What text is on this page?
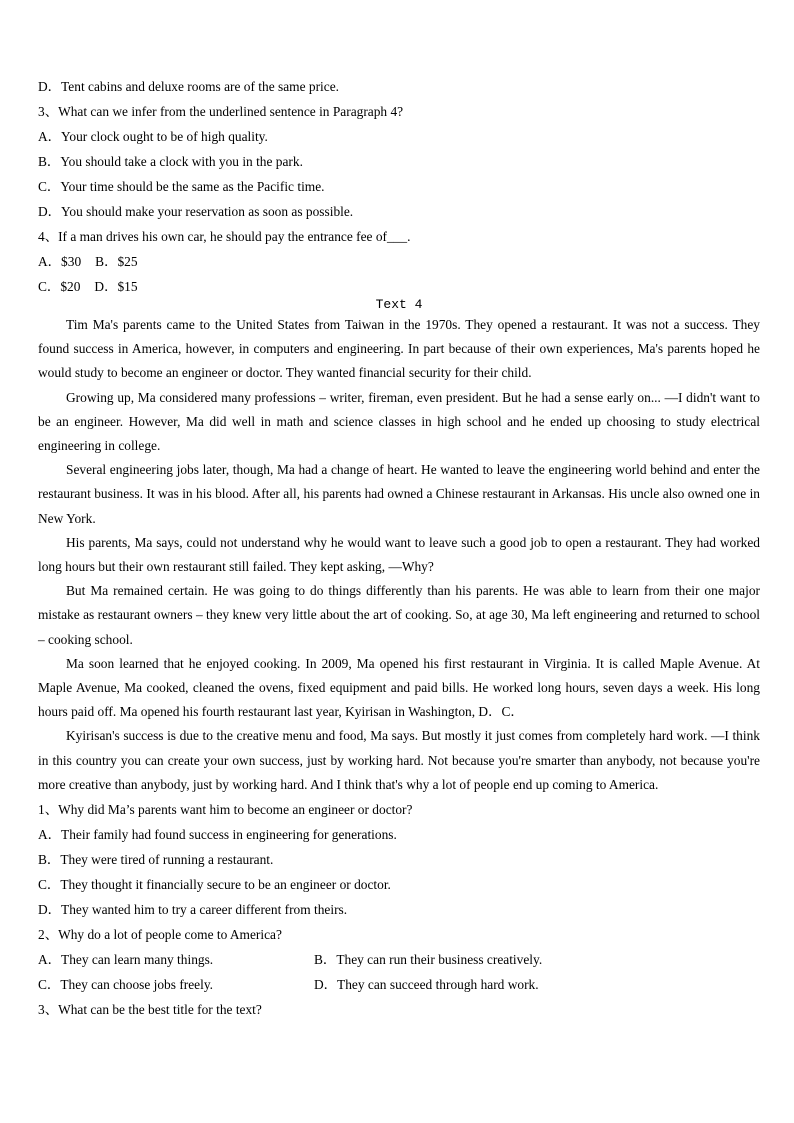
D．Tent cabins and deluxe rooms are of the same price.
3、What can we infer from the underlined sentence in Paragraph 4?
A．Your clock ought to be of high quality.
B．You should take a clock with you in the park.
C．Your time should be the same as the Pacific time.
D．You should make your reservation as soon as possible.
4、If a man drives his own car, he should pay the entrance fee of___.
A．$30 B．$25
C．$20 D．$15
Text 4

Tim Ma's parents came to the United States from Taiwan in the 1970s. They opened a restaurant. It was not a success. They found success in America, however, in computers and engineering. In part because of their own experiences, Ma's parents hoped he would study to become an engineer or doctor. They wanted financial security for their child.

Growing up, Ma considered many professions – writer, fireman, even president. But he had a sense early on... ―I didn't want to be an engineer. However, Ma did well in math and science classes in high school and he ended up choosing to study electrical engineering in college.

Several engineering jobs later, though, Ma had a change of heart. He wanted to leave the engineering world behind and enter the restaurant business. It was in his blood. After all, his parents had owned a Chinese restaurant in Arkansas. His uncle also owned one in New York.

His parents, Ma says, could not understand why he would want to leave such a good job to open a restaurant. They had worked long hours but their own restaurant still failed. They kept asking, ―Why?

But Ma remained certain. He was going to do things differently than his parents. He was able to learn from their one major mistake as restaurant owners – they knew very little about the art of cooking. So, at age 30, Ma left engineering and returned to school – cooking school.

Ma soon learned that he enjoyed cooking. In 2009, Ma opened his first restaurant in Virginia. It is called Maple Avenue. At Maple Avenue, Ma cooked, cleaned the ovens, fixed equipment and paid bills. He worked long hours, seven days a week. His long hours paid off. Ma opened his fourth restaurant last year, Kyirisan in Washington, D．C．

Kyirisan's success is due to the creative menu and food, Ma says. But mostly it just comes from completely hard work. ―I think in this country you can create your own success, just by working hard. Not because you're smarter than anybody, not because you're more creative than anybody, just by working hard. And I think that's why a lot of people end up coming to America.

1、Why did Ma’s parents want him to become an engineer or doctor?
A．Their family had found success in engineering for generations.
B．They were tired of running a restaurant.
C．They thought it financially secure to be an engineer or doctor.
D．They wanted him to try a career different from theirs.
2、Why do a lot of people come to America?
A．They can learn many things.	B．They can run their business creatively.
C．They can choose jobs freely.	D．They can succeed through hard work.
3、What can be the best title for the text?
